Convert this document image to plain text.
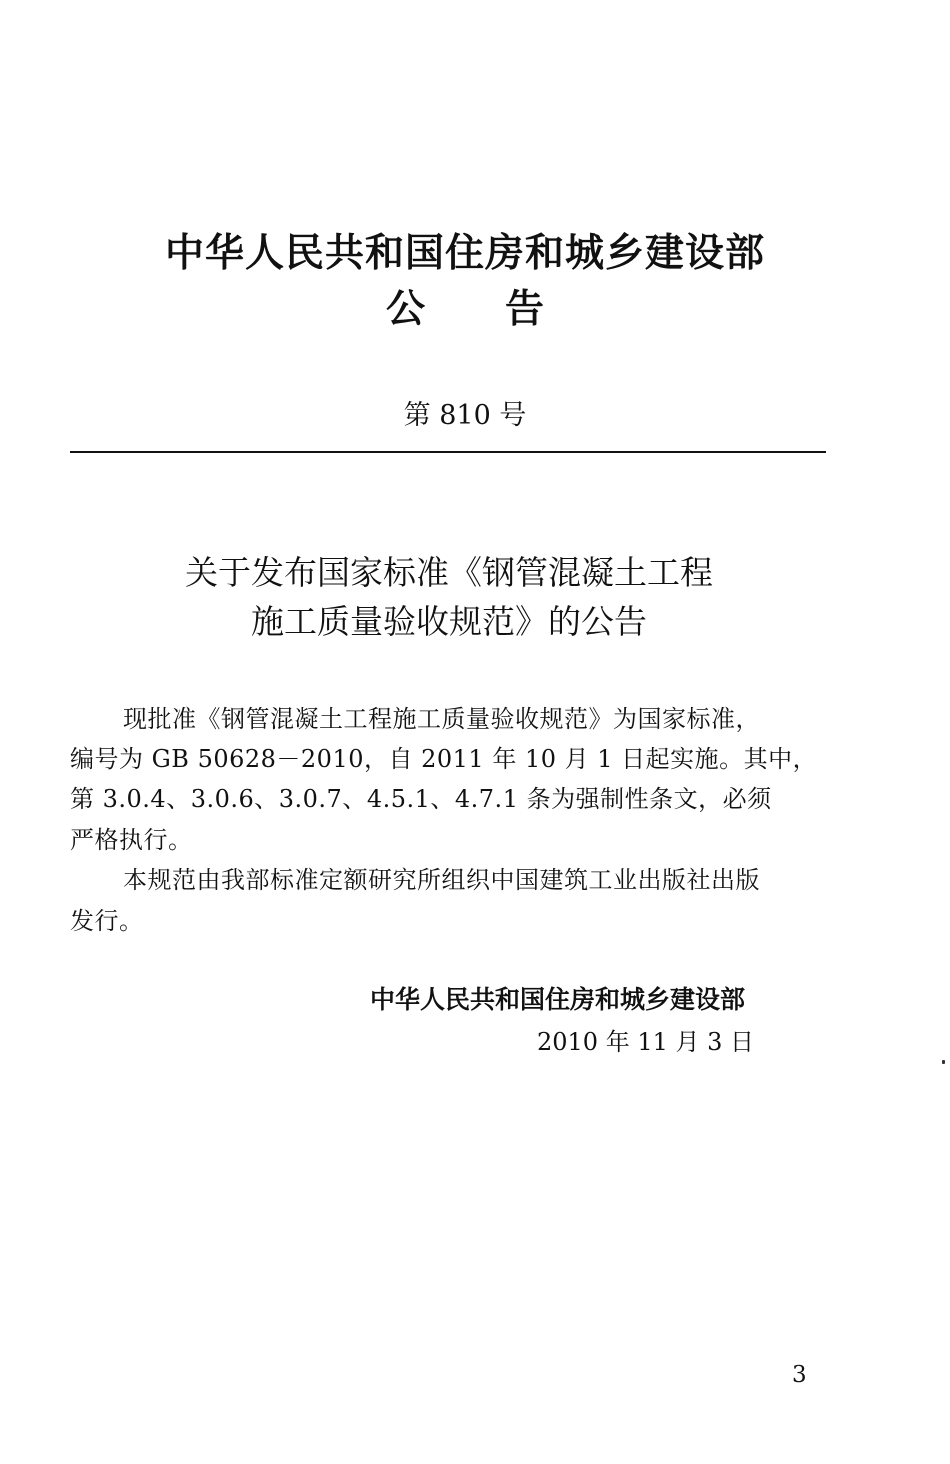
中华人民共和国住房和城乡建设部
公告
第 810 号
关于发布国家标准《钢管混凝土工程
施工质量验收规范》的公告
现批准《钢管混凝土工程施工质量验收规范》为国家标准，
编号为 GB 50628－2010，自 2011 年 10 月 1 日起实施。其中，
第 3.0.4、3.0.6、3.0.7、4.5.1、4.7.1 条为强制性条文，必须
严格执行。
本规范由我部标准定额研究所组织中国建筑工业出版社出版
发行。
中华人民共和国住房和城乡建设部
2010 年 11 月 3 日
3
